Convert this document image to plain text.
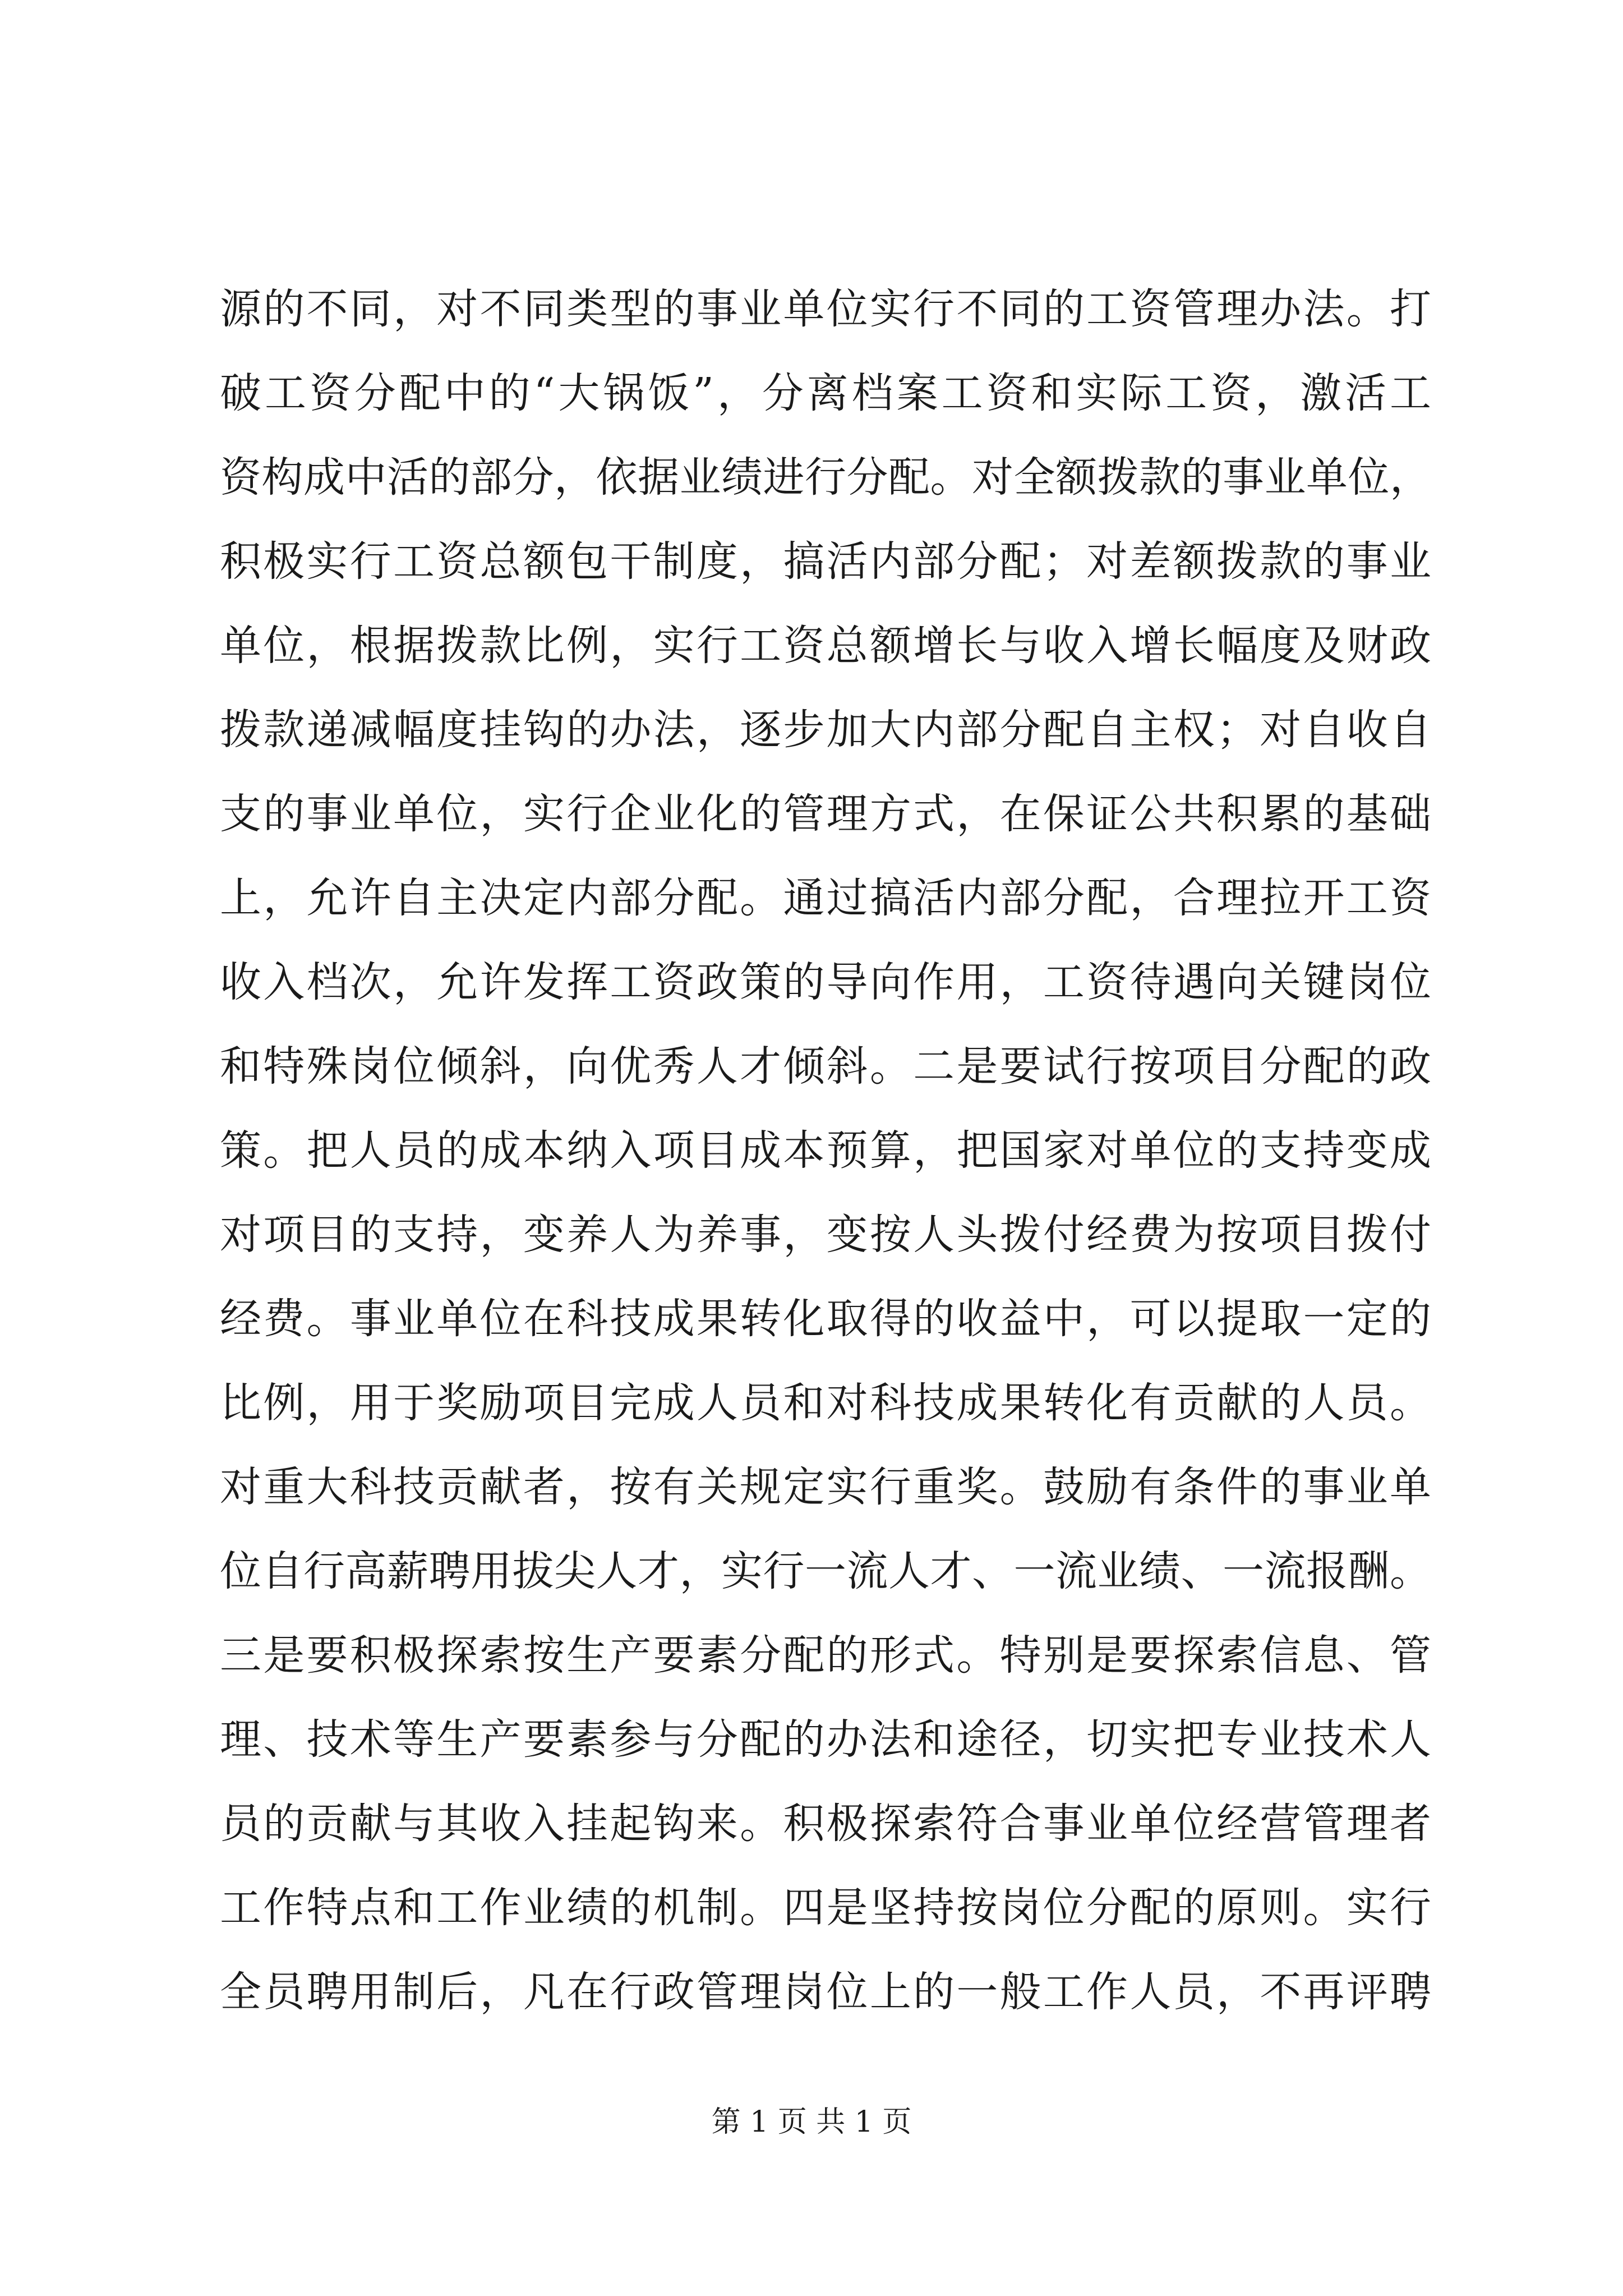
源的不同，对不同类型的事业单位实行不同的工资管理办法。打
破工资分配中的“大锅饭”，分离档案工资和实际工资，激活工
资构成中活的部分，依据业绩进行分配。对全额拨款的事业单位，
积极实行工资总额包干制度，搞活内部分配；对差额拨款的事业
单位，根据拨款比例，实行工资总额增长与收入增长幅度及财政
拨款递减幅度挂钩的办法，逐步加大内部分配自主权；对自收自
支的事业单位，实行企业化的管理方式，在保证公共积累的基础
上，允许自主决定内部分配。通过搞活内部分配，合理拉开工资
收入档次，允许发挥工资政策的导向作用，工资待遇向关键岗位
和特殊岗位倾斜，向优秀人才倾斜。二是要试行按项目分配的政
策。把人员的成本纳入项目成本预算，把国家对单位的支持变成
对项目的支持，变养人为养事，变按人头拨付经费为按项目拨付
经费。事业单位在科技成果转化取得的收益中，可以提取一定的
比例，用于奖励项目完成人员和对科技成果转化有贡献的人员。
对重大科技贡献者，按有关规定实行重奖。鼓励有条件的事业单
位自行高薪聘用拔尖人才，实行一流人才、一流业绩、一流报酬。
三是要积极探索按生产要素分配的形式。特别是要探索信息、管
理、技术等生产要素参与分配的办法和途径，切实把专业技术人
员的贡献与其收入挂起钩来。积极探索符合事业单位经营管理者
工作特点和工作业绩的机制。四是坚持按岗位分配的原则。实行
全员聘用制后，凡在行政管理岗位上的一般工作人员，不再评聘
第 1 页 共 1 页
